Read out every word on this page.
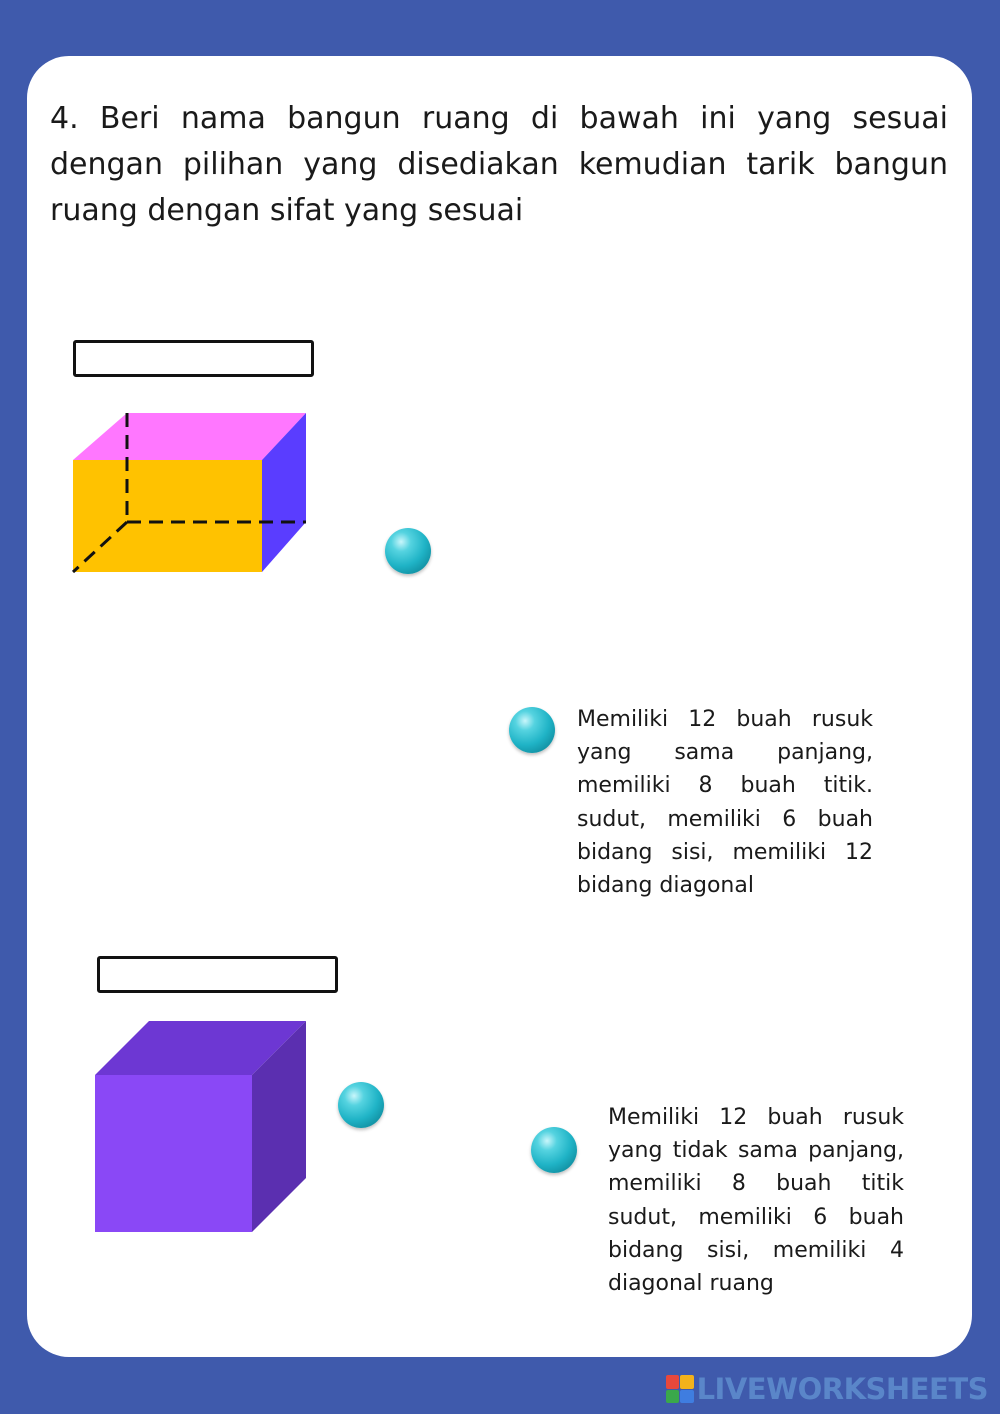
4. Beri nama bangun ruang di bawah ini yang sesuai dengan pilihan yang disediakan kemudian tarik bangun ruang dengan sifat yang sesuai

Memiliki 12 buah rusuk yang sama panjang, memiliki 8 buah titik. sudut, memiliki 6 buah bidang sisi, memiliki 12 bidang diagonal

Memiliki 12 buah rusuk yang tidak sama panjang, memiliki 8 buah titik sudut, memiliki 6 buah bidang sisi, memiliki 4 diagonal ruang

LIVEWORKSHEETS
